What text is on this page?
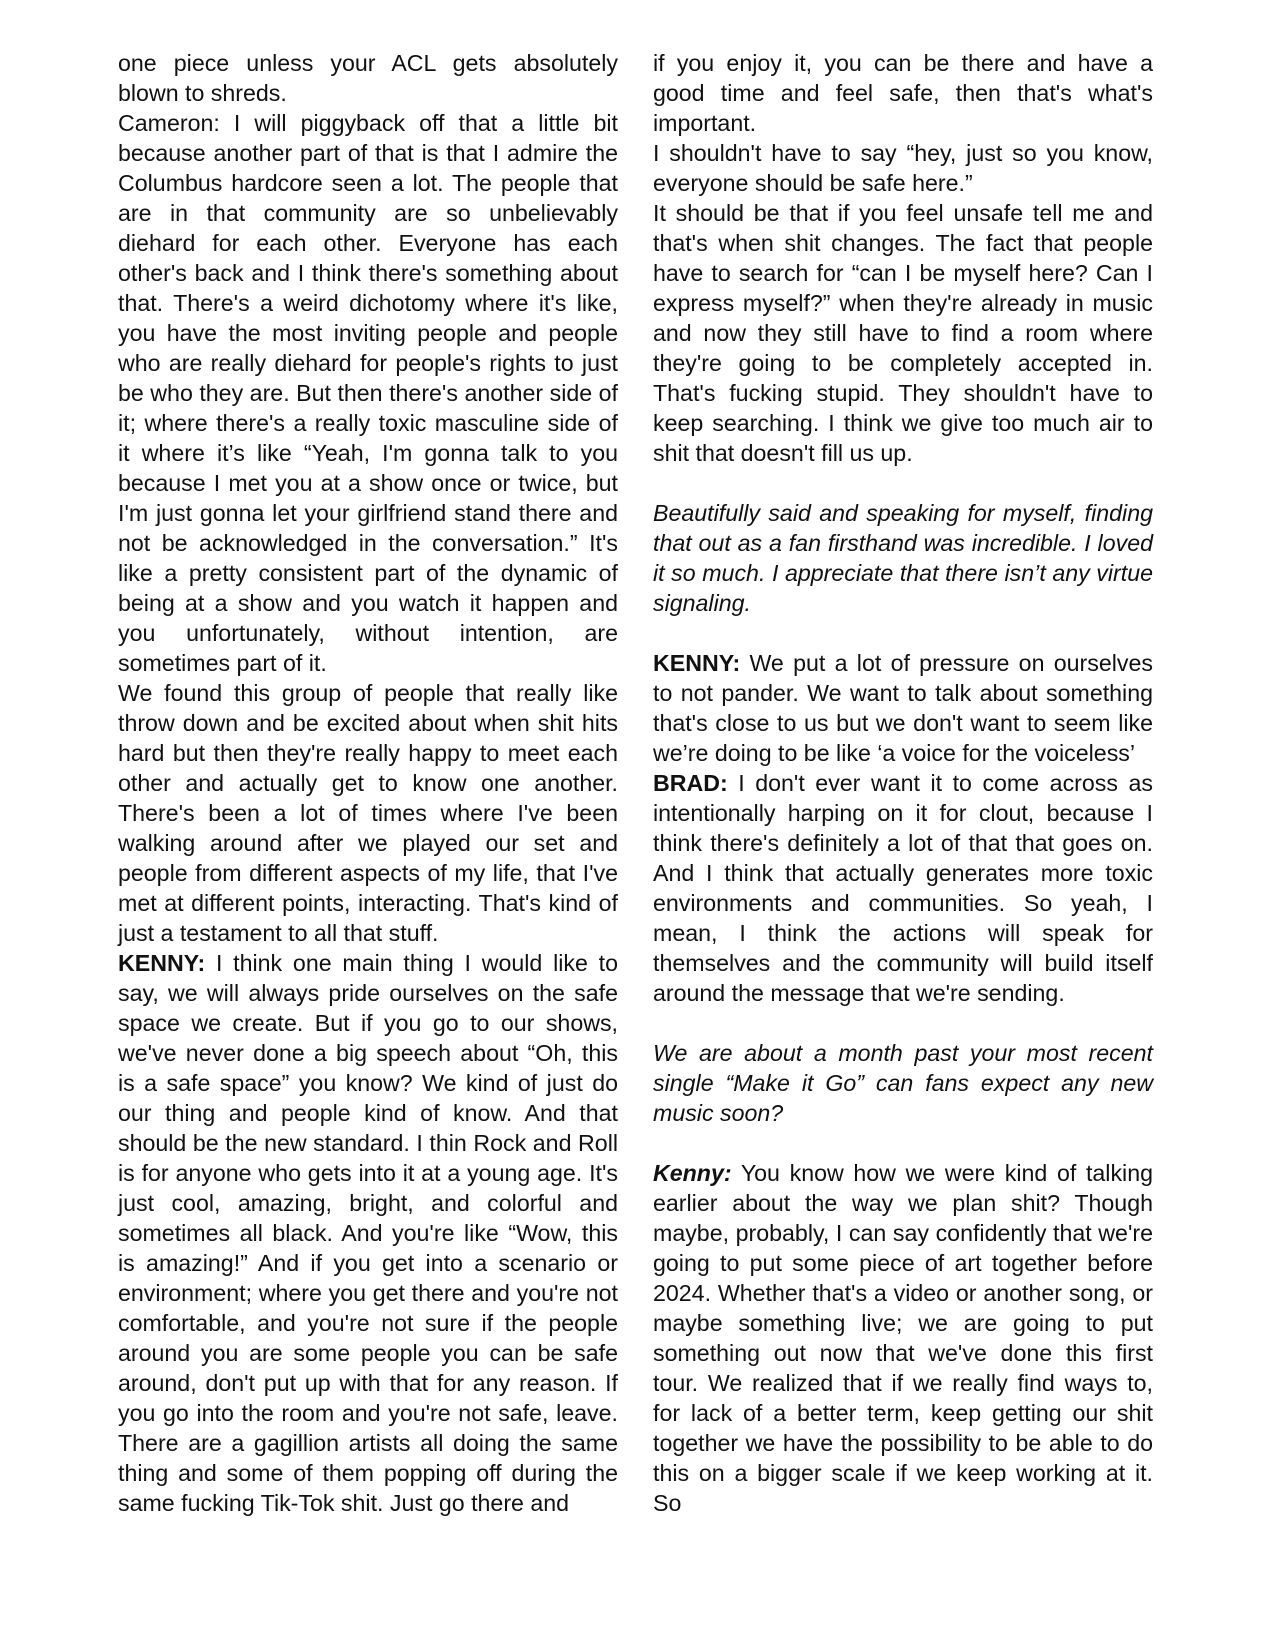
one piece unless your ACL gets absolutely blown to shreds.

Cameron: I will piggyback off that a little bit because another part of that is that I admire the Columbus hardcore seen a lot. The people that are in that community are so unbelievably diehard for each other. Everyone has each other's back and I think there's something about that. There's a weird dichotomy where it's like, you have the most inviting people and people who are really diehard for people's rights to just be who they are. But then there's another side of it; where there's a really toxic masculine side of it where it’s like “Yeah, I'm gonna talk to you because I met you at a show once or twice, but I'm just gonna let your girlfriend stand there and not be acknowledged in the conversation.” It's like a pretty consistent part of the dynamic of being at a show and you watch it happen and you unfortunately, without intention, are sometimes part of it.

We found this group of people that really like throw down and be excited about when shit hits hard but then they're really happy to meet each other and actually get to know one another. There's been a lot of times where I've been walking around after we played our set and people from different aspects of my life, that I've met at different points, interacting. That's kind of just a testament to all that stuff.

KENNY: I think one main thing I would like to say, we will always pride ourselves on the safe space we create. But if you go to our shows, we've never done a big speech about “Oh, this is a safe space” you know? We kind of just do our thing and people kind of know. And that should be the new standard. I thin Rock and Roll is for anyone who gets into it at a young age. It's just cool, amazing, bright, and colorful and sometimes all black. And you're like “Wow, this is amazing!” And if you get into a scenario or environment; where you get there and you're not comfortable, and you're not sure if the people around you are some people you can be safe around, don't put up with that for any reason. If you go into the room and you're not safe, leave. There are a gagillion artists all doing the same thing and some of them popping off during the same fucking Tik-Tok shit. Just go there and

if you enjoy it, you can be there and have a good time and feel safe, then that's what's important.

I shouldn't have to say “hey, just so you know, everyone should be safe here.”

It should be that if you feel unsafe tell me and that's when shit changes. The fact that people have to search for “can I be myself here? Can I express myself?” when they're already in music and now they still have to find a room where they're going to be completely accepted in. That's fucking stupid. They shouldn't have to keep searching. I think we give too much air to shit that doesn't fill us up.

Beautifully said and speaking for myself, finding that out as a fan firsthand was incredible. I loved it so much. I appreciate that there isn’t any virtue signaling.

KENNY: We put a lot of pressure on ourselves to not pander. We want to talk about something that's close to us but we don't want to seem like we’re doing to be like ‘a voice for the voiceless’

BRAD: I don't ever want it to come across as intentionally harping on it for clout, because I think there's definitely a lot of that that goes on. And I think that actually generates more toxic environments and communities. So yeah, I mean, I think the actions will speak for themselves and the community will build itself around the message that we're sending.

We are about a month past your most recent single “Make it Go” can fans expect any new music soon?

Kenny: You know how we were kind of talking earlier about the way we plan shit? Though maybe, probably, I can say confidently that we're going to put some piece of art together before 2024. Whether that's a video or another song, or maybe something live; we are going to put something out now that we've done this first tour. We realized that if we really find ways to, for lack of a better term, keep getting our shit together we have the possibility to be able to do this on a bigger scale if we keep working at it. So
